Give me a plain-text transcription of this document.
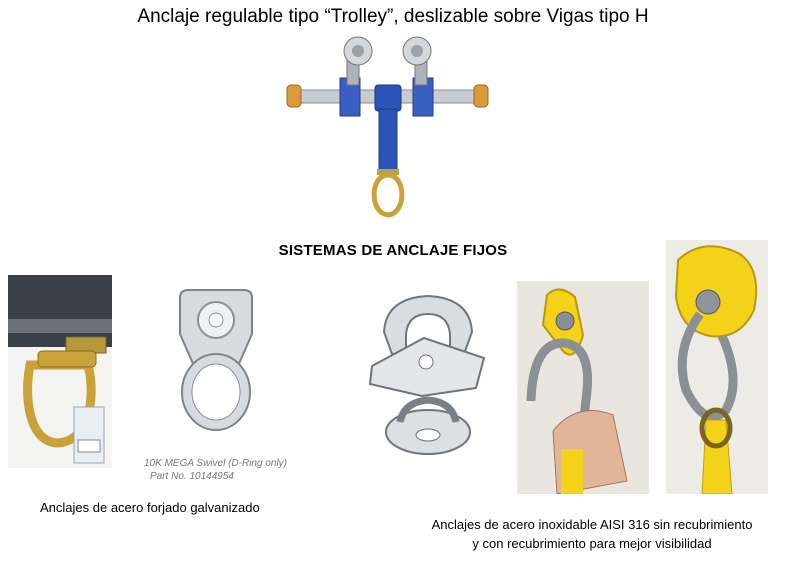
Anclaje regulable tipo “Trolley”, deslizable sobre Vigas tipo H
SISTEMAS DE ANCLAJE FIJOS
10K MEGA Swivel (D-Ring only)
Part No. 10144954
Anclajes de acero forjado galvanizado
Anclajes de acero inoxidable AISI 316 sin recubrimiento
y con recubrimiento para mejor visibilidad
